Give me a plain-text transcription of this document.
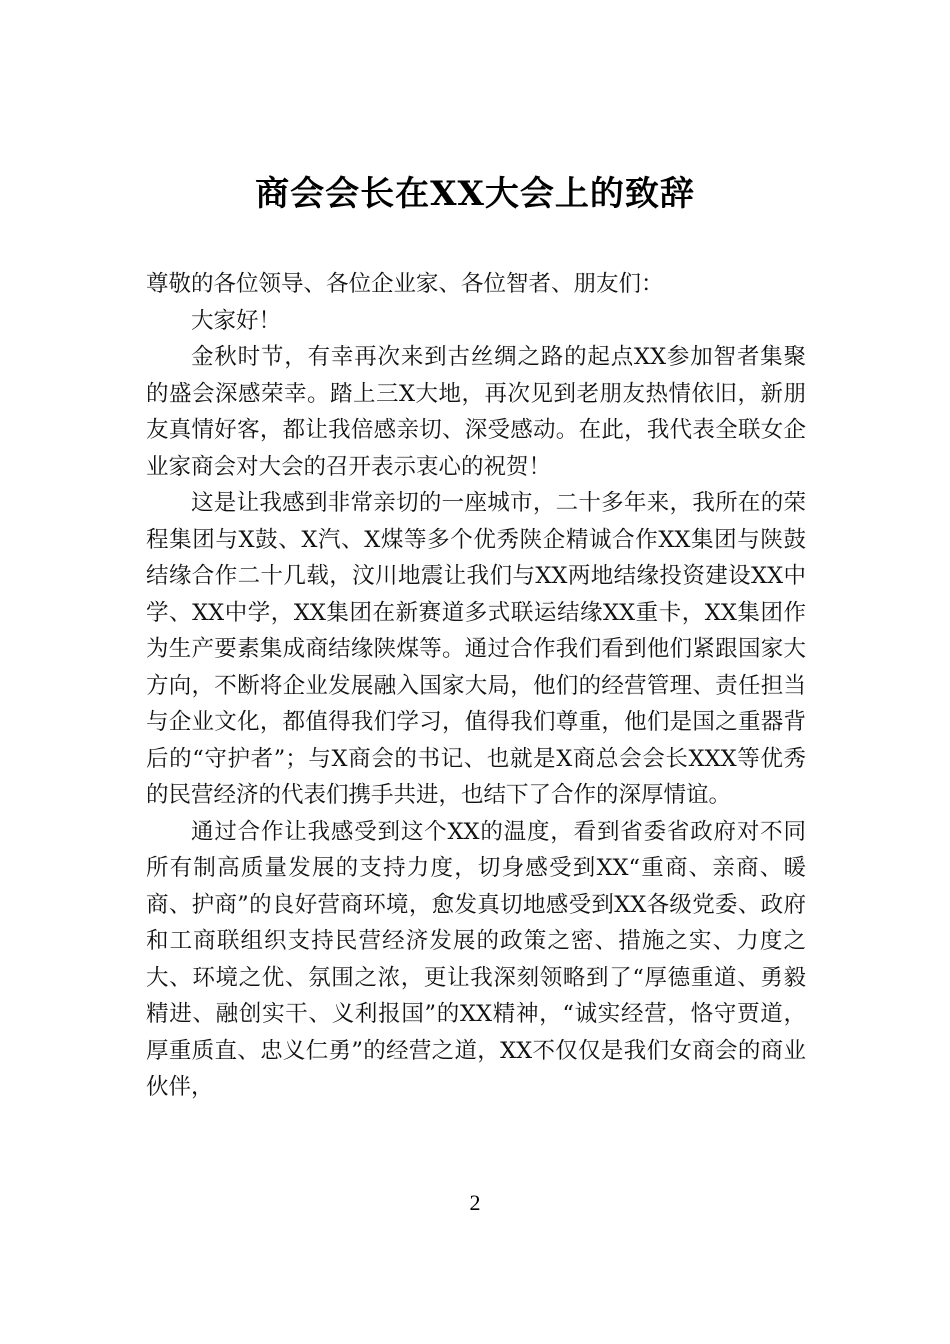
商会会长在XX大会上的致辞

尊敬的各位领导、各位企业家、各位智者、朋友们：

大家好！

金秋时节，有幸再次来到古丝绸之路的起点XX参加智者集聚的盛会深感荣幸。踏上三X大地，再次见到老朋友热情依旧，新朋友真情好客，都让我倍感亲切、深受感动。在此，我代表全联女企业家商会对大会的召开表示衷心的祝贺！

这是让我感到非常亲切的一座城市，二十多年来，我所在的荣程集团与X鼓、X汽、X煤等多个优秀陕企精诚合作XX集团与陕鼓结缘合作二十几载，汶川地震让我们与XX两地结缘投资建设XX中学、XX中学，XX集团在新赛道多式联运结缘XX重卡，XX集团作为生产要素集成商结缘陕煤等。通过合作我们看到他们紧跟国家大方向，不断将企业发展融入国家大局，他们的经营管理、责任担当与企业文化，都值得我们学习，值得我们尊重，他们是国之重器背后的“守护者”；与X商会的书记、也就是X商总会会长XXX等优秀的民营经济的代表们携手共进，也结下了合作的深厚情谊。

通过合作让我感受到这个XX的温度，看到省委省政府对不同所有制高质量发展的支持力度，切身感受到XX“重商、亲商、暖商、护商”的良好营商环境，愈发真切地感受到XX各级党委、政府和工商联组织支持民营经济发展的政策之密、措施之实、力度之大、环境之优、氛围之浓，更让我深刻领略到了“厚德重道、勇毅精进、融创实干、义利报国”的XX精神，“诚实经营，恪守贾道，厚重质直、忠义仁勇”的经营之道，XX不仅仅是我们女商会的商业伙伴，

2
